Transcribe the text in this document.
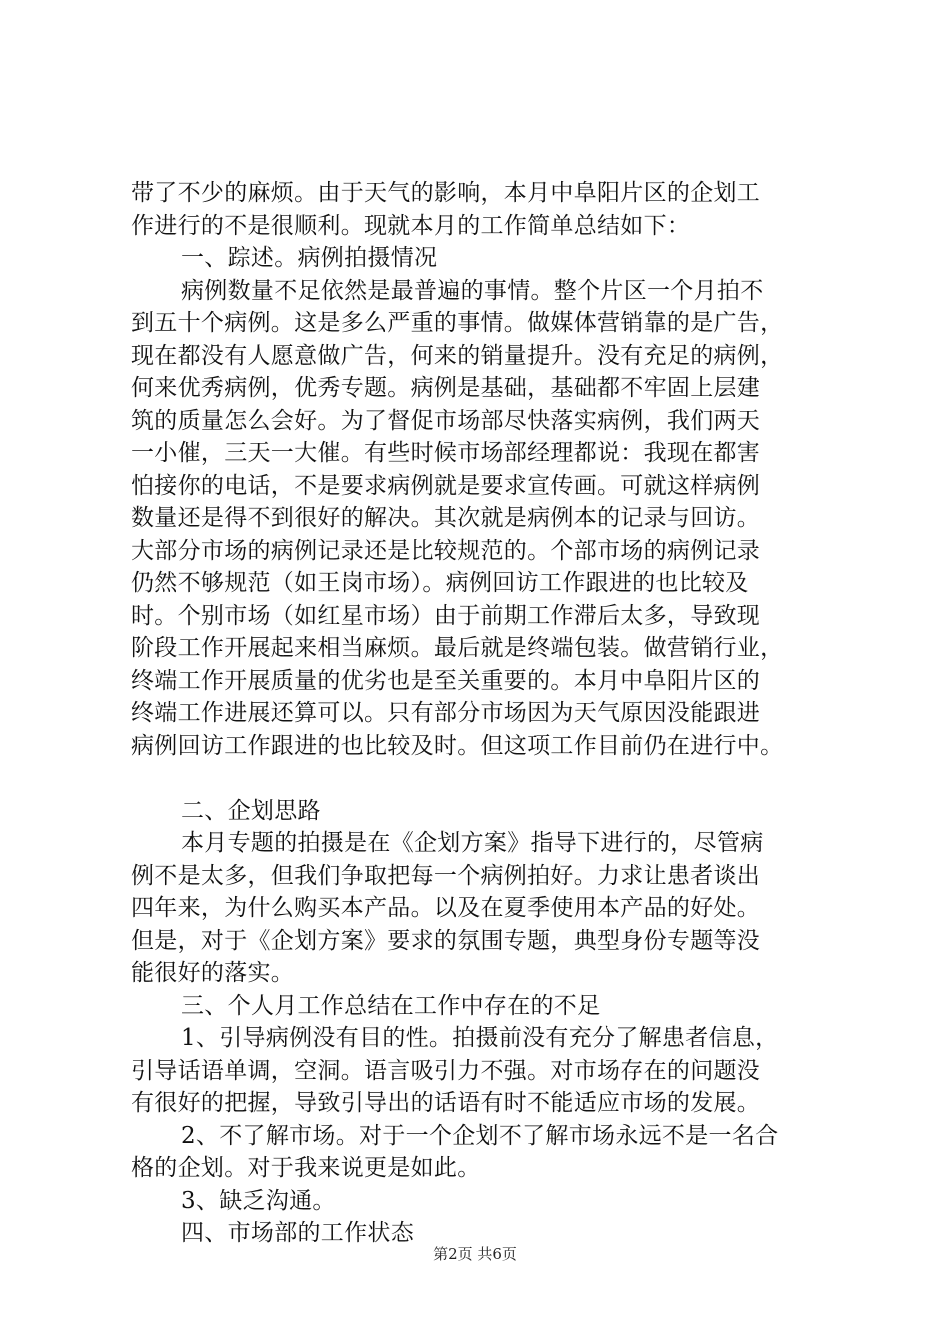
带了不少的麻烦。由于天气的影响，本月中阜阳片区的企划工
作进行的不是很顺利。现就本月的工作简单总结如下：
一、踪述。病例拍摄情况
病例数量不足依然是最普遍的事情。整个片区一个月拍不
到五十个病例。这是多么严重的事情。做媒体营销靠的是广告，
现在都没有人愿意做广告，何来的销量提升。没有充足的病例，
何来优秀病例，优秀专题。病例是基础，基础都不牢固上层建
筑的质量怎么会好。为了督促市场部尽快落实病例，我们两天
一小催，三天一大催。有些时候市场部经理都说：我现在都害
怕接你的电话，不是要求病例就是要求宣传画。可就这样病例
数量还是得不到很好的解决。其次就是病例本的记录与回访。
大部分市场的病例记录还是比较规范的。个部市场的病例记录
仍然不够规范（如王岗市场）。病例回访工作跟进的也比较及
时。个别市场（如红星市场）由于前期工作滞后太多，导致现
阶段工作开展起来相当麻烦。最后就是终端包装。做营销行业，
终端工作开展质量的优劣也是至关重要的。本月中阜阳片区的
终端工作进展还算可以。只有部分市场因为天气原因没能跟进
病例回访工作跟进的也比较及时。但这项工作目前仍在进行中。
二、企划思路
本月专题的拍摄是在《企划方案》指导下进行的，尽管病
例不是太多，但我们争取把每一个病例拍好。力求让患者谈出
四年来，为什么购买本产品。以及在夏季使用本产品的好处。
但是，对于《企划方案》要求的氛围专题，典型身份专题等没
能很好的落实。
三、个人月工作总结在工作中存在的不足
1、引导病例没有目的性。拍摄前没有充分了解患者信息，
引导话语单调，空洞。语言吸引力不强。对市场存在的问题没
有很好的把握，导致引导出的话语有时不能适应市场的发展。
2、不了解市场。对于一个企划不了解市场永远不是一名合
格的企划。对于我来说更是如此。
3、缺乏沟通。
四、市场部的工作状态
第2页 共6页
